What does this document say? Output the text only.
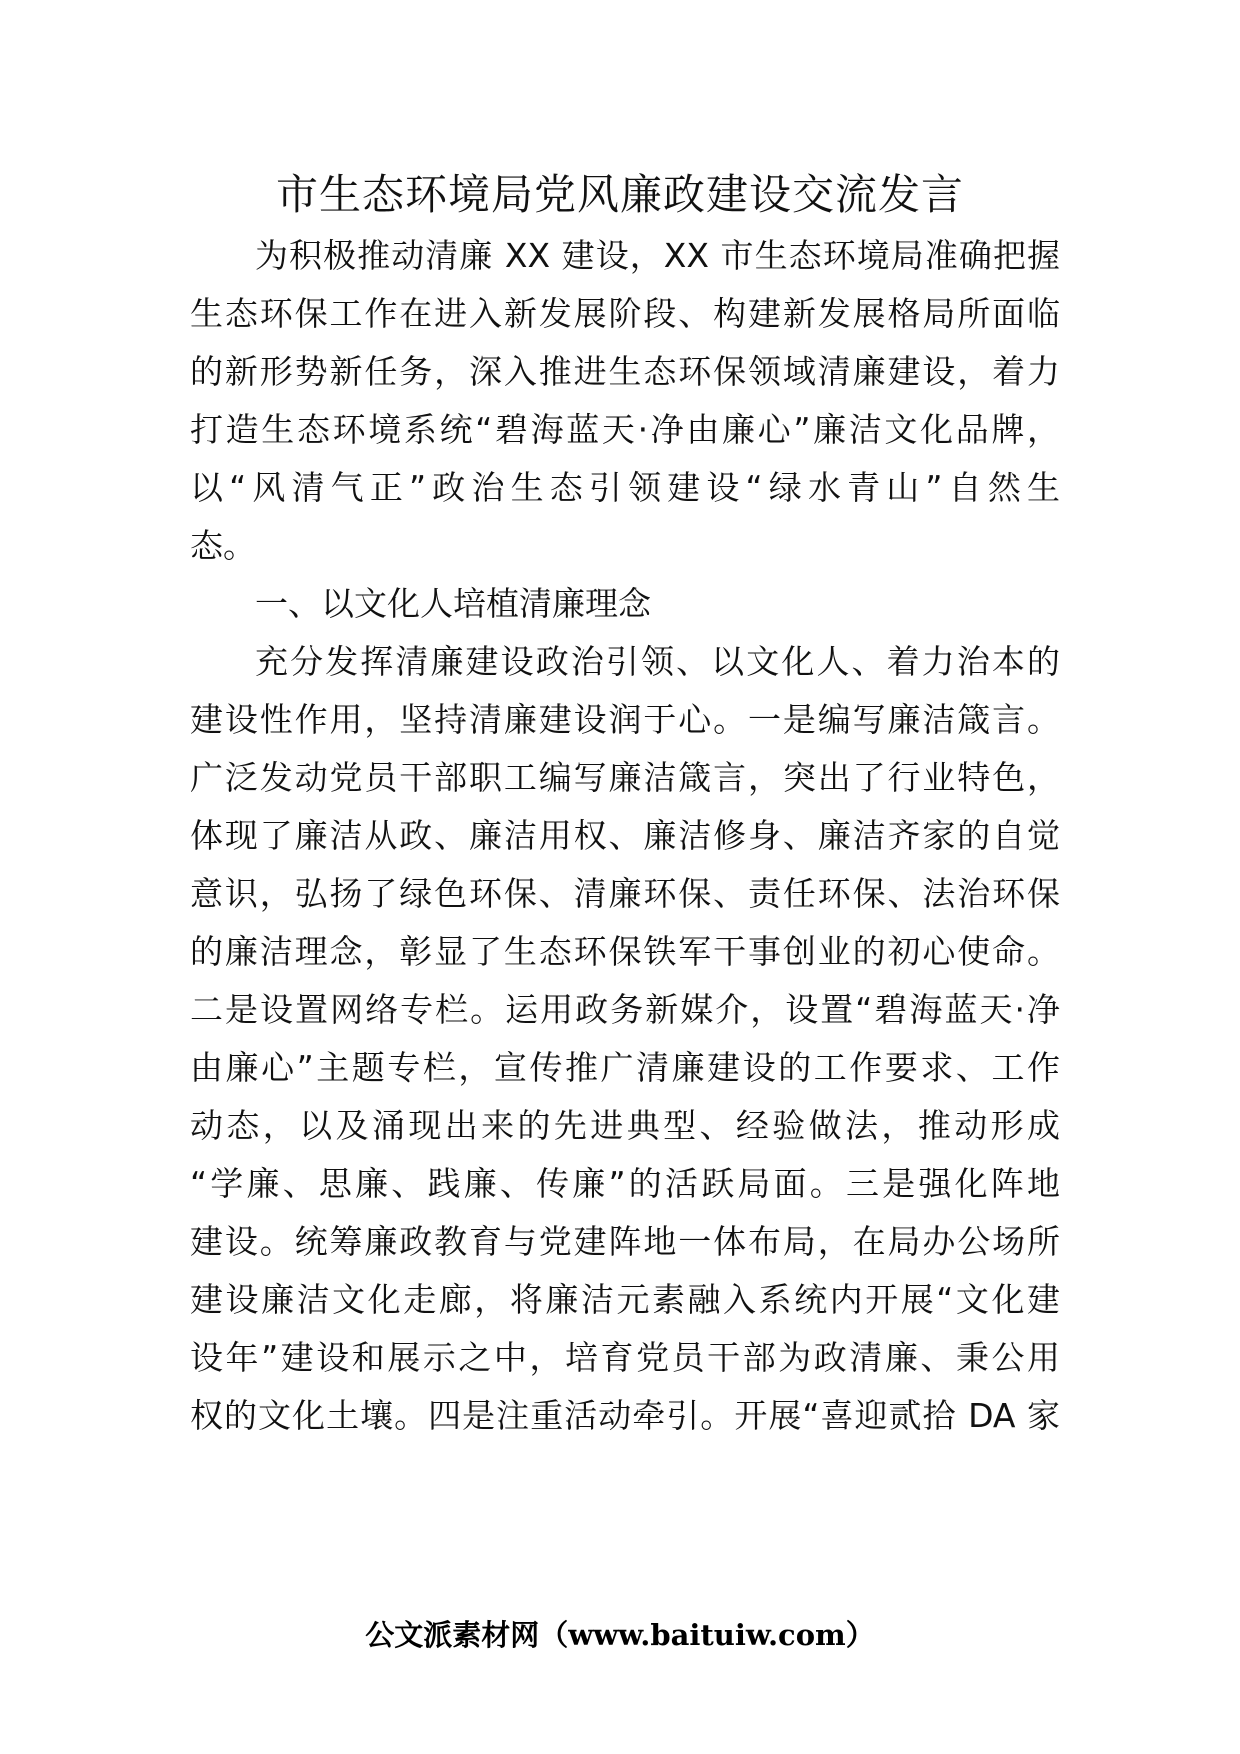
市生态环境局党风廉政建设交流发言
为积极推动清廉 XX 建设，XX 市生态环境局准确把握
生态环保工作在进入新发展阶段、构建新发展格局所面临
的新形势新任务，深入推进生态环保领域清廉建设，着力
打造生态环境系统“碧海蓝天·净由廉心”廉洁文化品牌，
以“风清气正”政治生态引领建设“绿水青山”自然生
态。
一、以文化人培植清廉理念
充分发挥清廉建设政治引领、以文化人、着力治本的
建设性作用，坚持清廉建设润于心。一是编写廉洁箴言。
广泛发动党员干部职工编写廉洁箴言，突出了行业特色，
体现了廉洁从政、廉洁用权、廉洁修身、廉洁齐家的自觉
意识，弘扬了绿色环保、清廉环保、责任环保、法治环保
的廉洁理念，彰显了生态环保铁军干事创业的初心使命。
二是设置网络专栏。运用政务新媒介，设置“碧海蓝天·净
由廉心”主题专栏，宣传推广清廉建设的工作要求、工作
动态，以及涌现出来的先进典型、经验做法，推动形成
“学廉、思廉、践廉、传廉”的活跃局面。三是强化阵地
建设。统筹廉政教育与党建阵地一体布局，在局办公场所
建设廉洁文化走廊，将廉洁元素融入系统内开展“文化建
设年”建设和展示之中，培育党员干部为政清廉、秉公用
权的文化土壤。四是注重活动牵引。开展“喜迎贰拾 DA 家
公文派素材网（www.baituiw.com）
